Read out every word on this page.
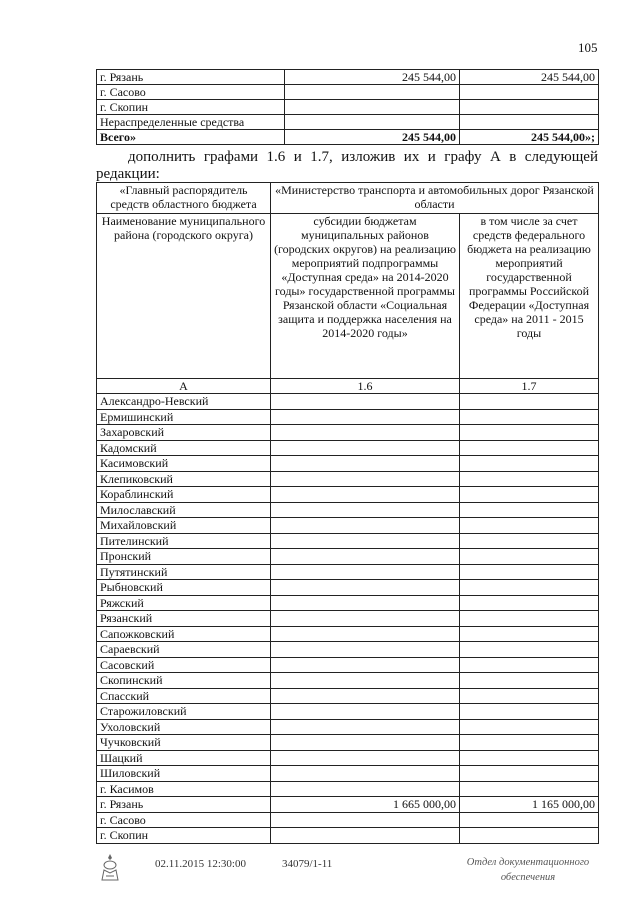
105
г. Рязань	245 544,00	245 544,00
г. Сасово		
г. Скопин		
Нераспределенные средства		
Всего»	245 544,00	245 544,00»;

дополнить графами 1.6 и 1.7, изложив их и графу А в следующей редакции:

«Главный распорядитель средств областного бюджета	«Министерство транспорта и автомобильных дорог Рязанской области	
Наименование муниципального района (городского округа)	субсидии бюджетам муниципальных районов (городских округов) на реализацию мероприятий подпрограммы «Доступная среда» на 2014-2020 годы» государственной программы Рязанской области «Социальная защита и поддержка населения на 2014-2020 годы»	в том числе за счет средств федерального бюджета на реализацию мероприятий государственной программы Российской Федерации «Доступная среда» на 2011 - 2015 годы
А	1.6	1.7
Александро-Невский		
Ермишинский		
Захаровский		
Кадомский		
Касимовский		
Клепиковский		
Кораблинский		
Милославский		
Михайловский		
Пителинский		
Пронский		
Путятинский		
Рыбновский		
Ряжский		
Рязанский		
Сапожковский		
Сараевский		
Сасовский		
Скопинский		
Спасский		
Старожиловский		
Ухоловский		
Чучковский		
Шацкий		
Шиловский		
г. Касимов		
г. Рязань	1 665 000,00	1 165 000,00
г. Сасово		
г. Скопин		
02.11.2015 12:30:00	34079/1-11	Отдел документационного обеспечения
